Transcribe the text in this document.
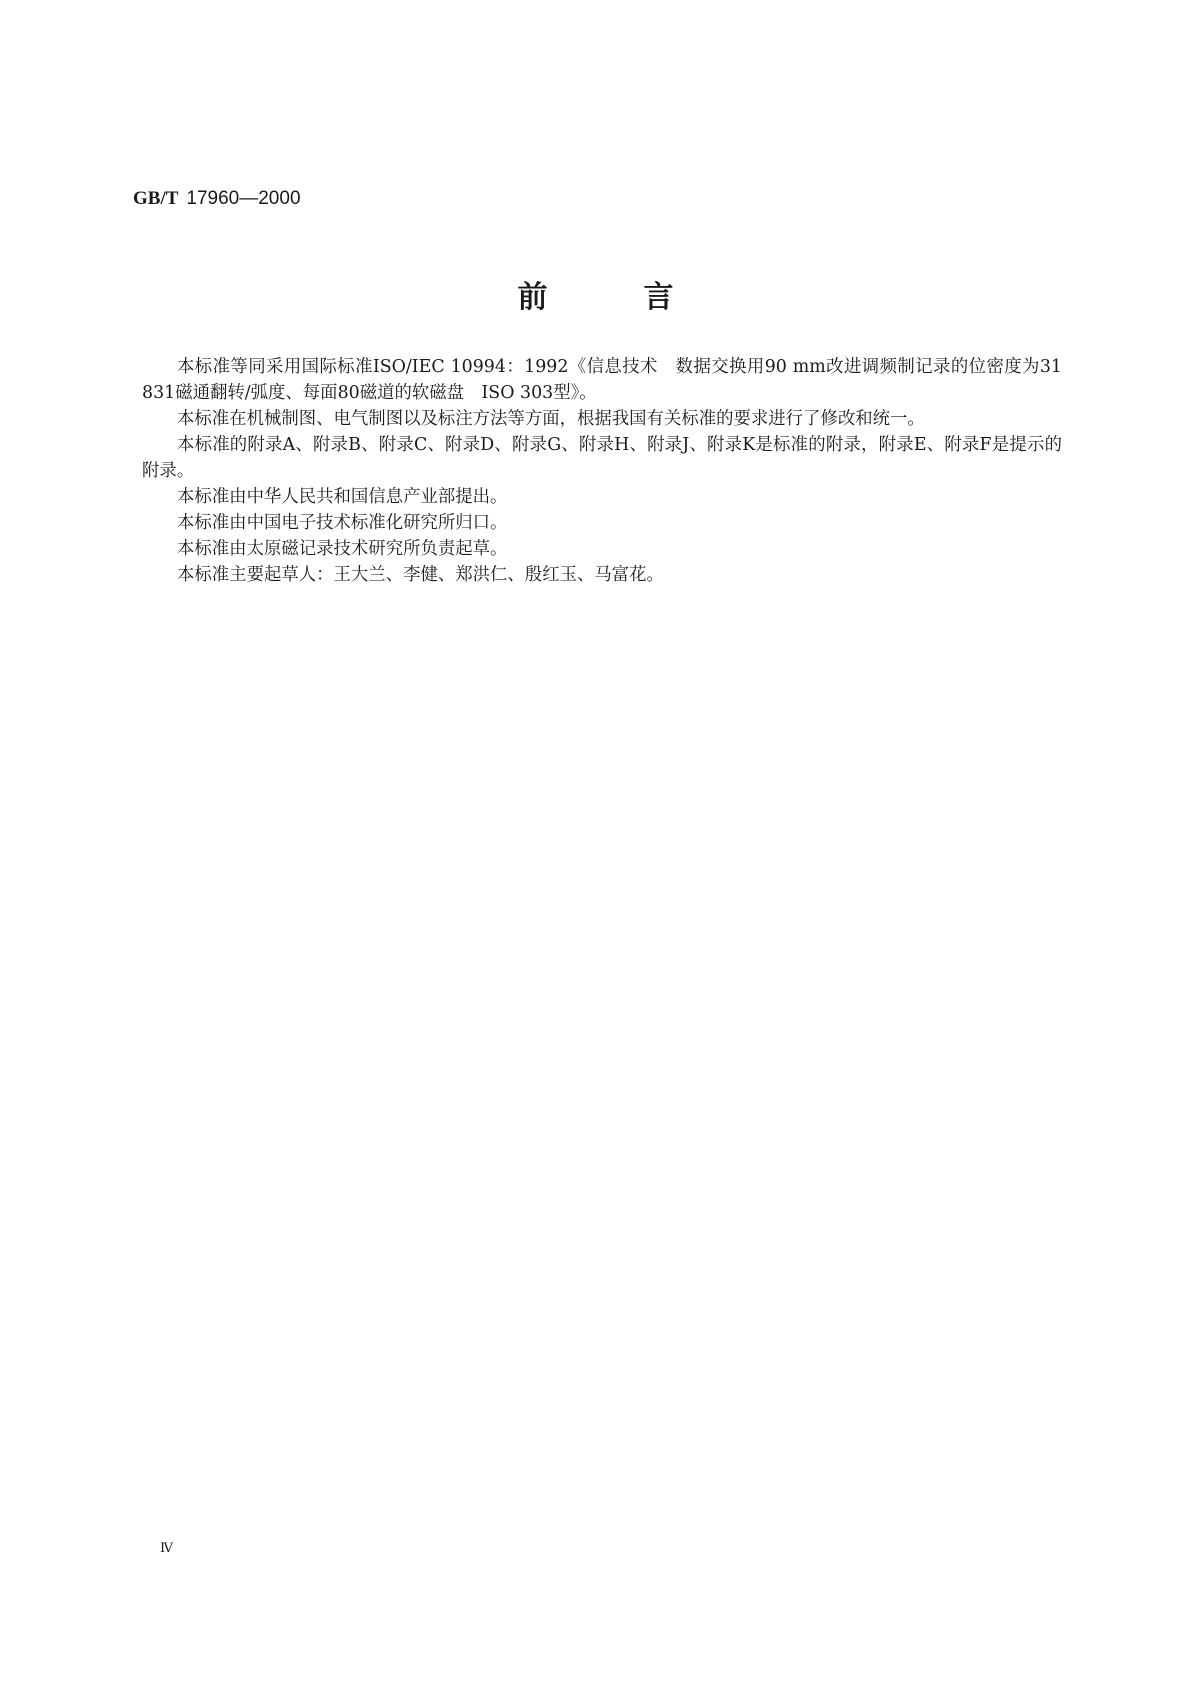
GB/T 17960—2000
前言

本标准等同采用国际标准ISO/IEC 10994：1992《信息技术　数据交换用90 mm改进调频制记录的位密度为31 831磁通翻转/弧度、每面80磁道的软磁盘　ISO 303型》。

本标准在机械制图、电气制图以及标注方法等方面，根据我国有关标准的要求进行了修改和统一。

本标准的附录A、附录B、附录C、附录D、附录G、附录H、附录J、附录K是标准的附录，附录E、附录F是提示的附录。

本标准由中华人民共和国信息产业部提出。

本标准由中国电子技术标准化研究所归口。

本标准由太原磁记录技术研究所负责起草。

本标准主要起草人：王大兰、李健、郑洪仁、殷红玉、马富花。

Ⅳ
